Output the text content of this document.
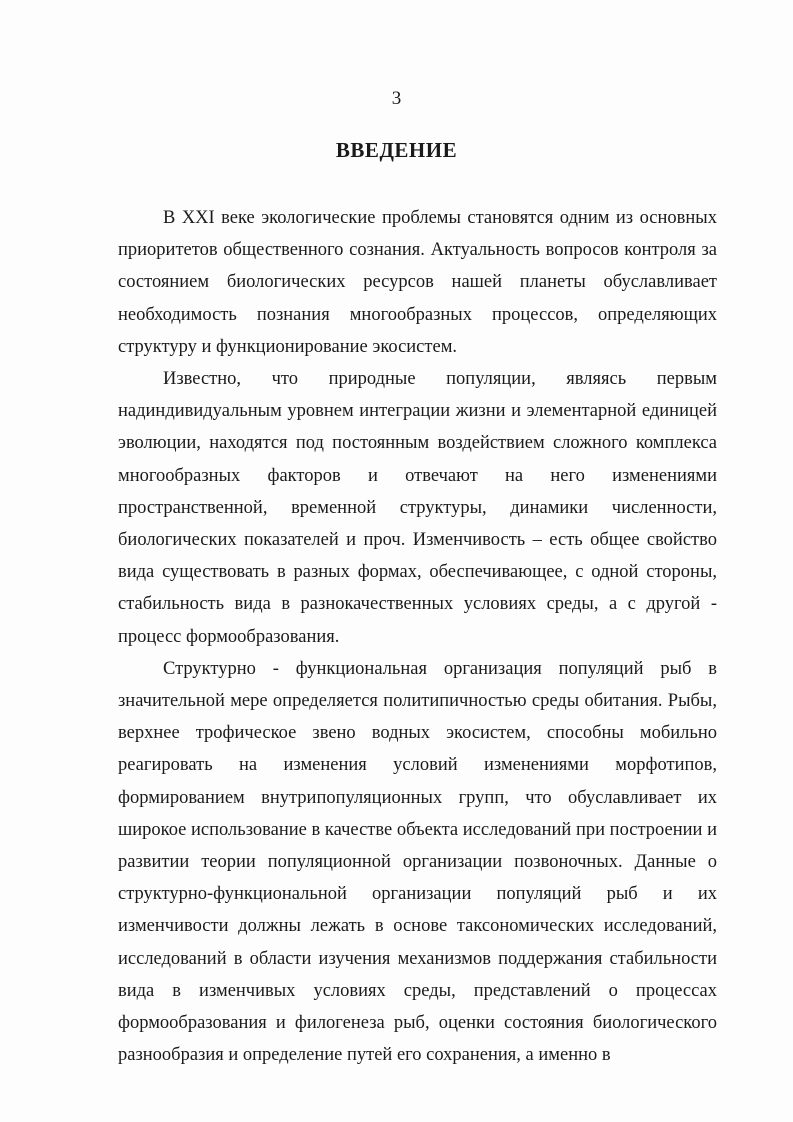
3
ВВЕДЕНИЕ

В XXI веке экологические проблемы становятся одним из основных приоритетов общественного сознания. Актуальность вопросов контроля за состоянием биологических ресурсов нашей планеты обуславливает необходимость познания многообразных процессов, определяющих структуру и функционирование экосистем.

Известно, что природные популяции, являясь первым надиндивидуальным уровнем интеграции жизни и элементарной единицей эволюции, находятся под постоянным воздействием сложного комплекса многообразных факторов и отвечают на него изменениями пространственной, временной структуры, динамики численности, биологических показателей и проч. Изменчивость – есть общее свойство вида существовать в разных формах, обеспечивающее, с одной стороны, стабильность вида в разнокачественных условиях среды, а с другой - процесс формообразования.

Структурно - функциональная организация популяций рыб в значительной мере определяется политипичностью среды обитания. Рыбы, верхнее трофическое звено водных экосистем, способны мобильно реагировать на изменения условий изменениями морфотипов, формированием внутрипопуляционных групп, что обуславливает их широкое использование в качестве объекта исследований при построении и развитии теории популяционной организации позвоночных. Данные о структурно-функциональной организации популяций рыб и их изменчивости должны лежать в основе таксономических исследований, исследований в области изучения механизмов поддержания стабильности вида в изменчивых условиях среды, представлений о процессах формообразования и филогенеза рыб, оценки состояния биологического разнообразия и определение путей его сохранения, а именно в
